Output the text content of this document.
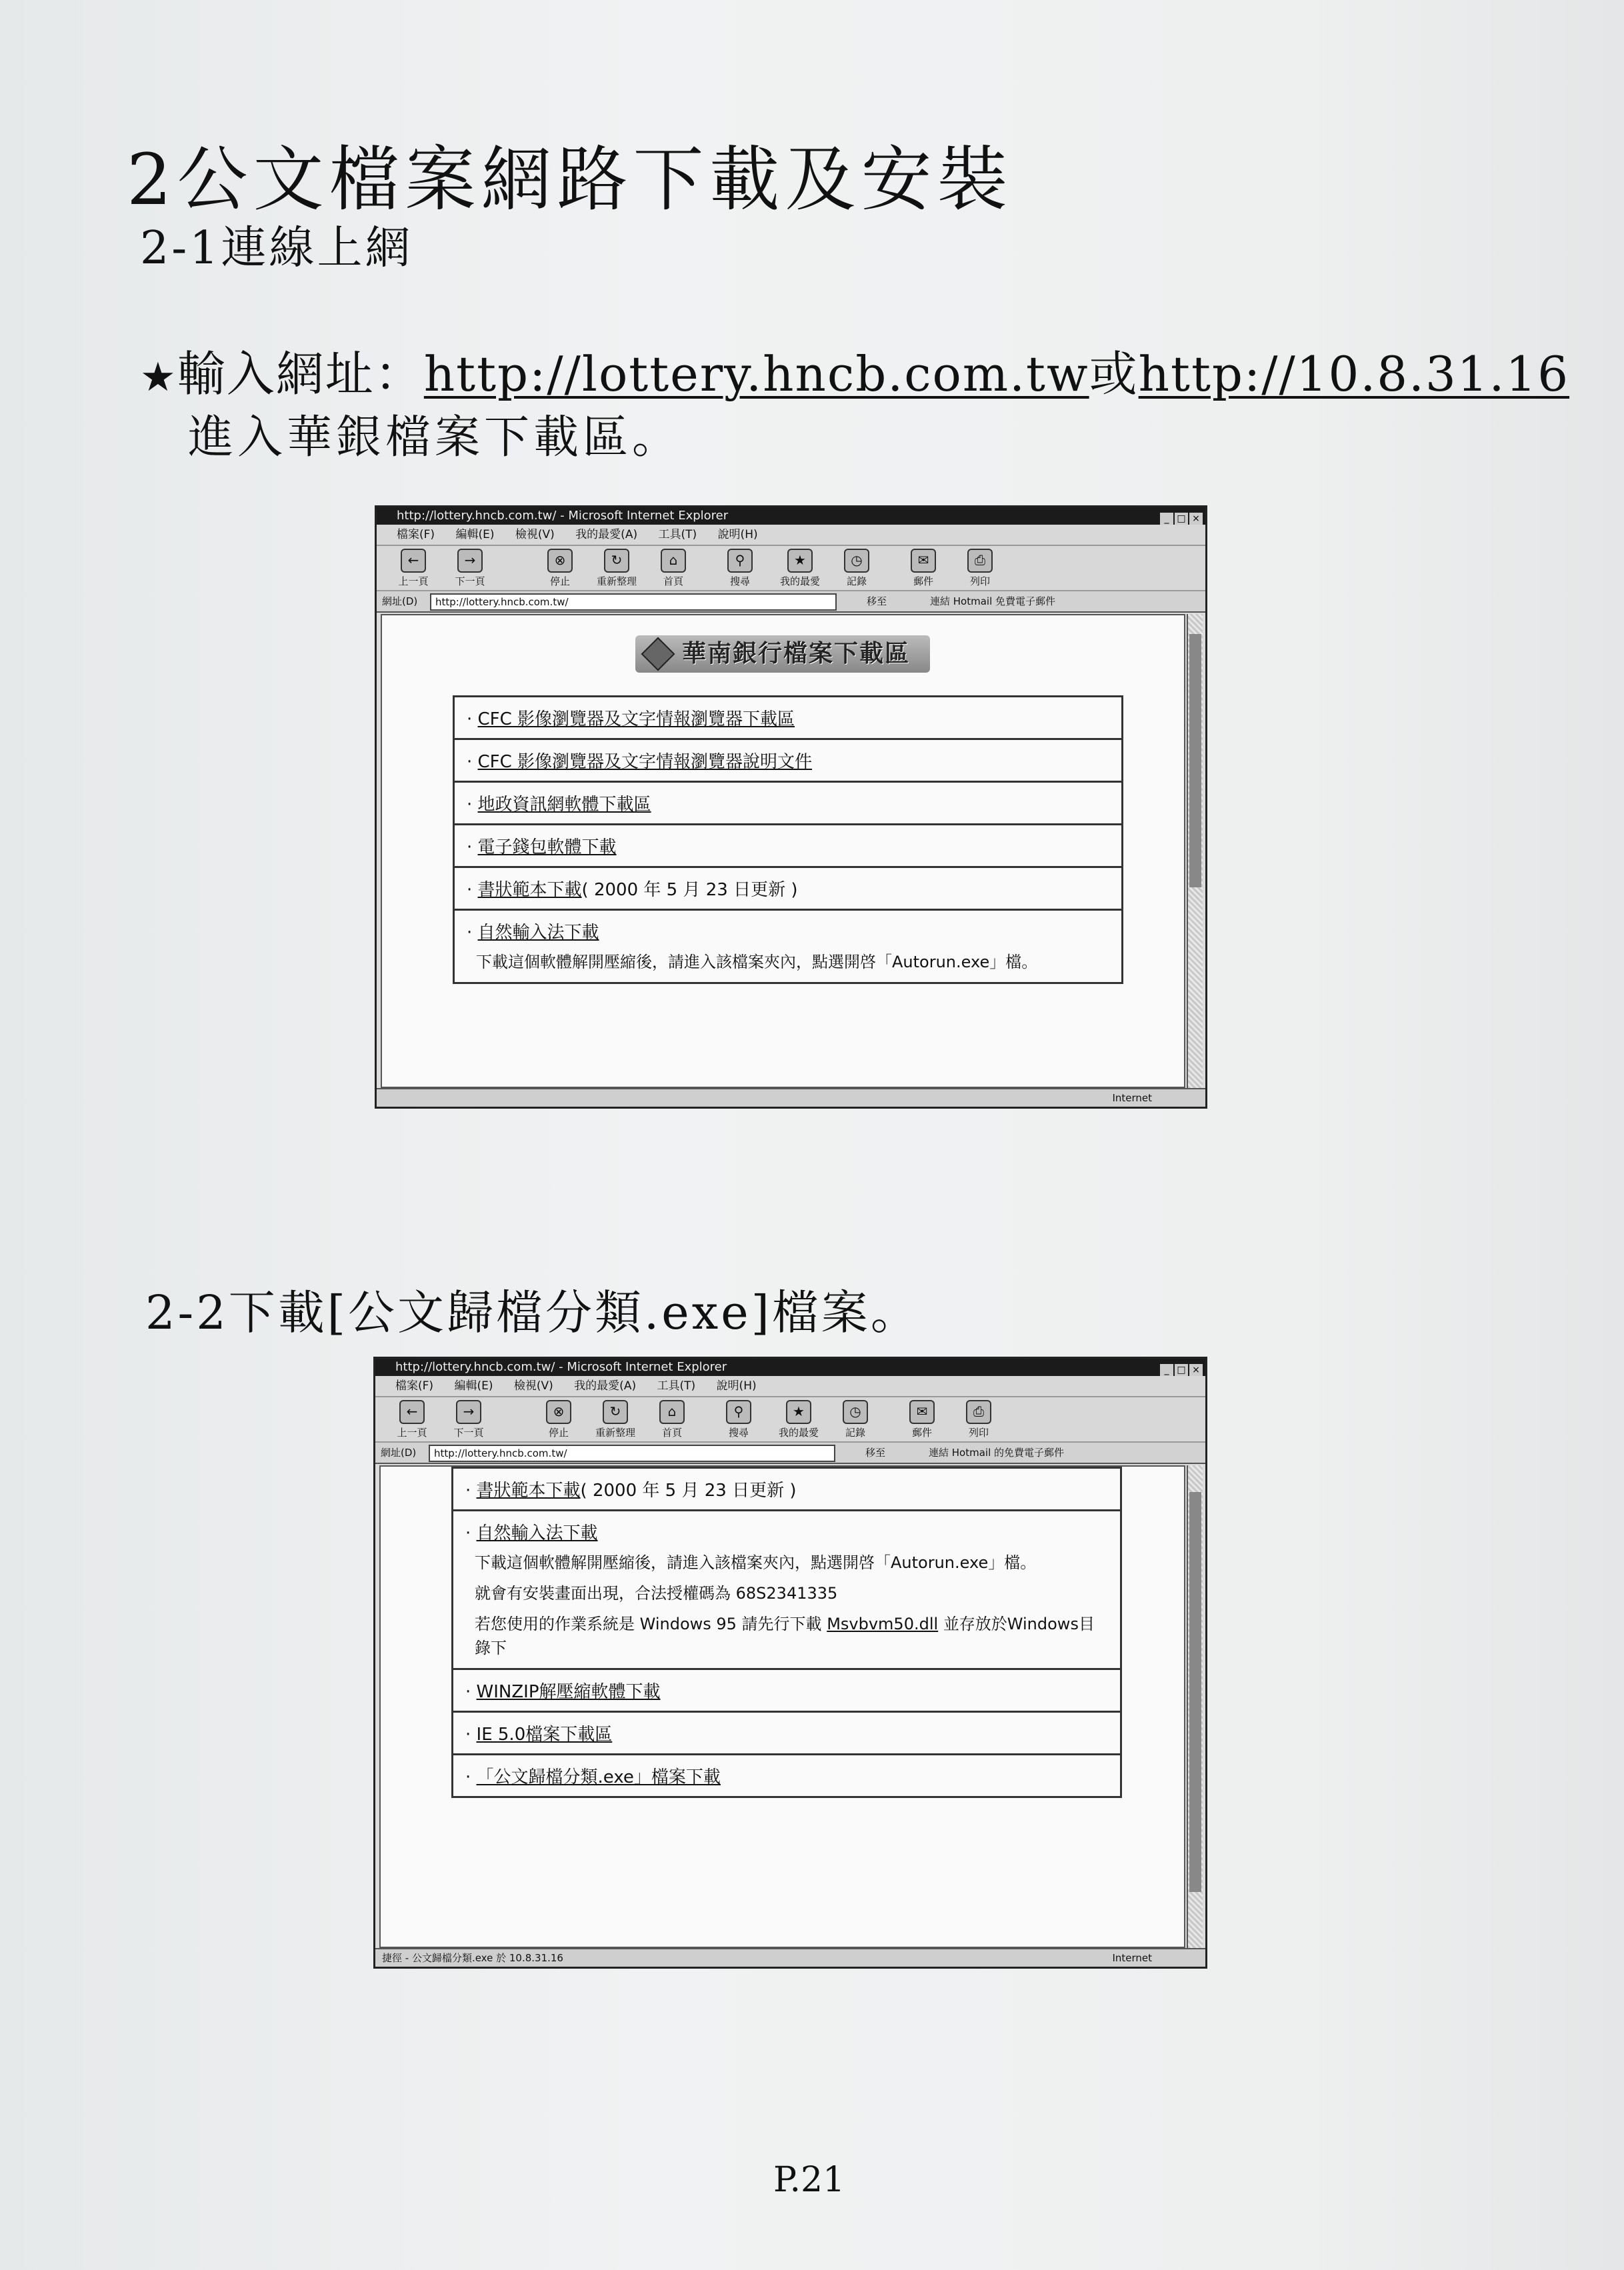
2公文檔案網路下載及安裝
2-1連線上網
★輸入網址：http://lottery.hncb.com.tw或http://10.8.31.16
進入華銀檔案下載區。
http://lottery.hncb.com.tw/ - Microsoft Internet Explorer	_ □ ×
檔案(F) 編輯(E) 檢視(V) 我的最愛(A) 工具(T) 說明(H)
←
上一頁
→
下一頁
⊗
停止
↻
重新整理
⌂
首頁
⚲
搜尋
★
我的最愛
◷
記錄
✉
郵件
⎙
列印
網址(D)	http://lottery.hncb.com.tw/	移至	連結 Hotmail 免費電子郵件
華南銀行檔案下載區
· CFC 影像瀏覽器及文字情報瀏覽器下載區
· CFC 影像瀏覽器及文字情報瀏覽器說明文件
· 地政資訊網軟體下載區
· 電子錢包軟體下載
· 書狀範本下載( 2000 年 5 月 23 日更新 )
· 自然輸入法下載
下載這個軟體解開壓縮後，請進入該檔案夾內，點選開啓「Autorun.exe」檔。
Internet
2-2下載[公文歸檔分類.exe]檔案。
http://lottery.hncb.com.tw/ - Microsoft Internet Explorer	_ □ ×
檔案(F) 編輯(E) 檢視(V) 我的最愛(A) 工具(T) 說明(H)
←
上一頁
→
下一頁
⊗
停止
↻
重新整理
⌂
首頁
⚲
搜尋
★
我的最愛
◷
記錄
✉
郵件
⎙
列印
網址(D)	http://lottery.hncb.com.tw/	移至	連結 Hotmail 的免費電子郵件
· 書狀範本下載( 2000 年 5 月 23 日更新 )
· 自然輸入法下載
下載這個軟體解開壓縮後，請進入該檔案夾內，點選開啓「Autorun.exe」檔。
就會有安裝畫面出現，合法授權碼為 68S2341335
若您使用的作業系統是 Windows 95 請先行下載 Msvbvm50.dll 並存放於Windows目錄下
· WINZIP解壓縮軟體下載
· IE 5.0檔案下載區
· 「公文歸檔分類.exe」檔案下載
捷徑 - 公文歸檔分類.exe 於 10.8.31.16	Internet
P.21
